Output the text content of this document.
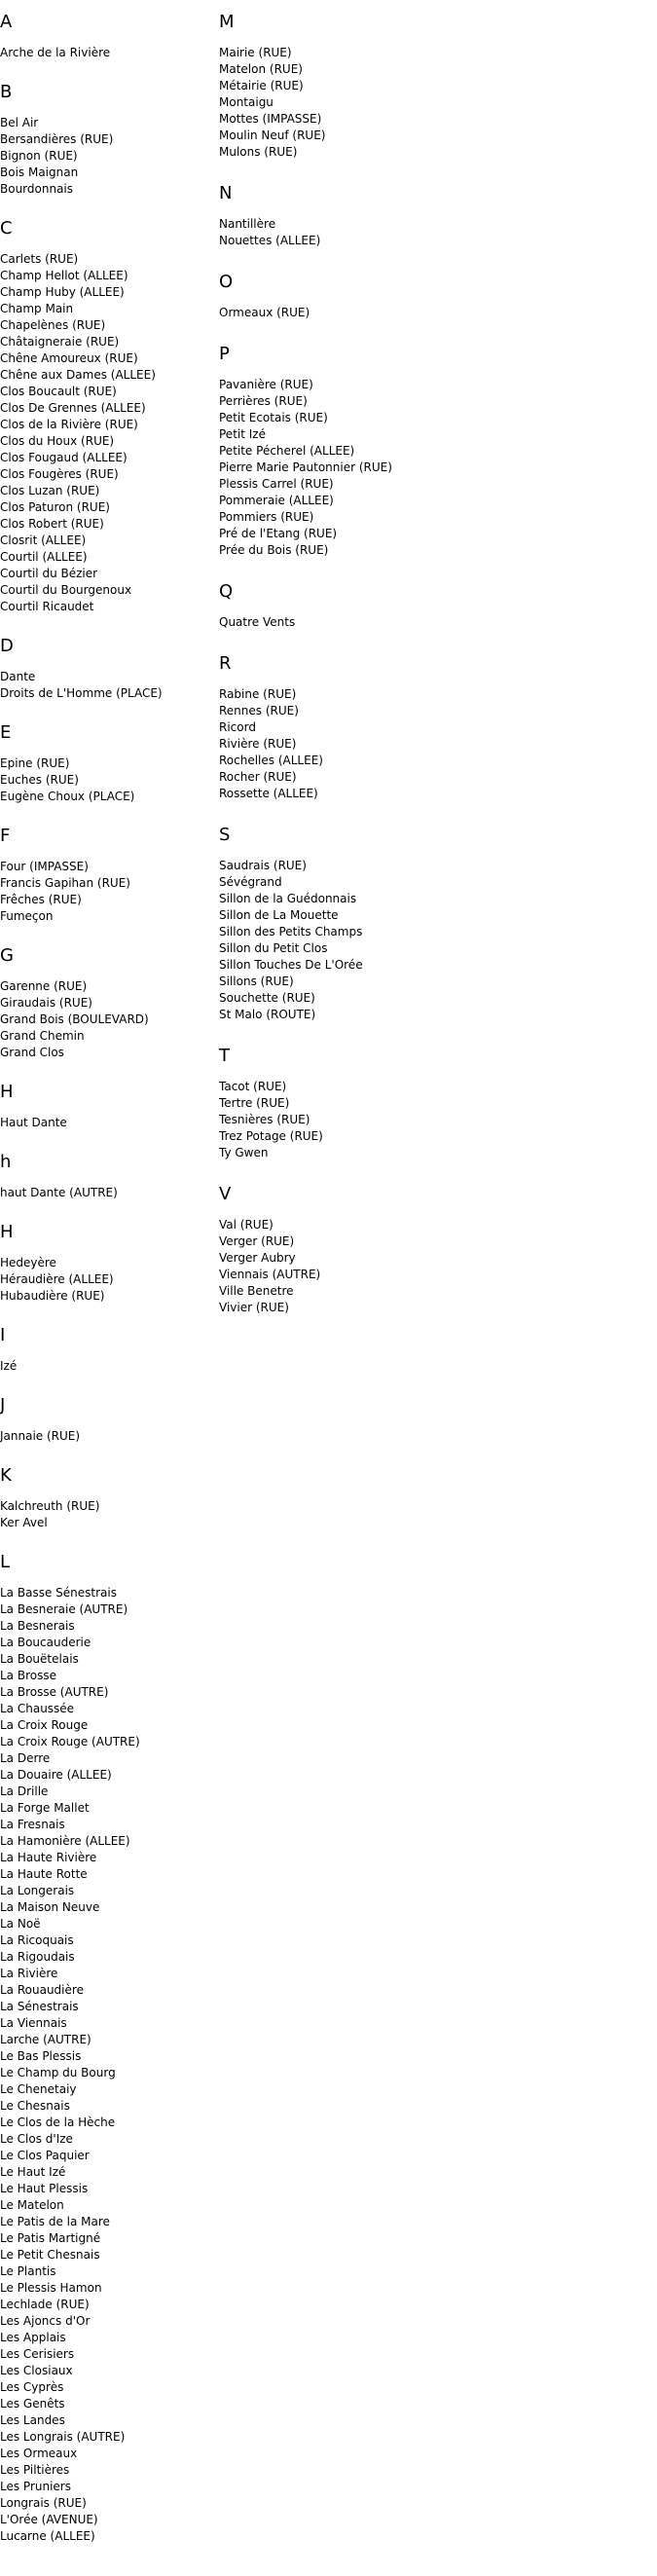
A
Arche de la Rivière
B
Bel Air
Bersandières (RUE)
Bignon (RUE)
Bois Maignan
Bourdonnais
C
Carlets (RUE)
Champ Hellot (ALLEE)
Champ Huby (ALLEE)
Champ Main
Chapelènes (RUE)
Châtaigneraie (RUE)
Chêne Amoureux (RUE)
Chêne aux Dames (ALLEE)
Clos Boucault (RUE)
Clos De Grennes (ALLEE)
Clos de la Rivière (RUE)
Clos du Houx (RUE)
Clos Fougaud (ALLEE)
Clos Fougères (RUE)
Clos Luzan (RUE)
Clos Paturon (RUE)
Clos Robert (RUE)
Closrit (ALLEE)
Courtil (ALLEE)
Courtil du Bézier
Courtil du Bourgenoux
Courtil Ricaudet
D
Dante
Droits de L'Homme (PLACE)
E
Epine (RUE)
Euches (RUE)
Eugène Choux (PLACE)
F
Four (IMPASSE)
Francis Gapihan (RUE)
Frêches (RUE)
Fumeçon
G
Garenne (RUE)
Giraudais (RUE)
Grand Bois (BOULEVARD)
Grand Chemin
Grand Clos
H
Haut Dante
h
haut Dante (AUTRE)
H
Hedeyère
Héraudière (ALLEE)
Hubaudière (RUE)
I
Izé
J
Jannaie (RUE)
K
Kalchreuth (RUE)
Ker Avel
L
La Basse Sénestrais
La Besneraie (AUTRE)
La Besnerais
La Boucauderie
La Bouëtelais
La Brosse
La Brosse (AUTRE)
La Chaussée
La Croix Rouge
La Croix Rouge (AUTRE)
La Derre
La Douaire (ALLEE)
La Drille
La Forge Mallet
La Fresnais
La Hamonière (ALLEE)
La Haute Rivière
La Haute Rotte
La Longerais
La Maison Neuve
La Noë
La Ricoquais
La Rigoudais
La Rivière
La Rouaudière
La Sénestrais
La Viennais
Larche (AUTRE)
Le Bas Plessis
Le Champ du Bourg
Le Chenetaiy
Le Chesnais
Le Clos de la Hèche
Le Clos d'Ize
Le Clos Paquier
Le Haut Izé
Le Haut Plessis
Le Matelon
Le Patis de la Mare
Le Patis Martigné
Le Petit Chesnais
Le Plantis
Le Plessis Hamon
Lechlade (RUE)
Les Ajoncs d'Or
Les Applais
Les Cerisiers
Les Closiaux
Les Cyprès
Les Genêts
Les Landes
Les Longrais (AUTRE)
Les Ormeaux
Les Piltières
Les Pruniers
Longrais (RUE)
L'Orée (AVENUE)
Lucarne (ALLEE)
M
Mairie (RUE)
Matelon (RUE)
Métairie (RUE)
Montaigu
Mottes (IMPASSE)
Moulin Neuf (RUE)
Mulons (RUE)
N
Nantillère
Nouettes (ALLEE)
O
Ormeaux (RUE)
P
Pavanière (RUE)
Perrières (RUE)
Petit Ecotais (RUE)
Petit Izé
Petite Pécherel (ALLEE)
Pierre Marie Pautonnier (RUE)
Plessis Carrel (RUE)
Pommeraie (ALLEE)
Pommiers (RUE)
Pré de l'Etang (RUE)
Prée du Bois (RUE)
Q
Quatre Vents
R
Rabine (RUE)
Rennes (RUE)
Ricord
Rivière (RUE)
Rochelles (ALLEE)
Rocher (RUE)
Rossette (ALLEE)
S
Saudrais (RUE)
Sévégrand
Sillon de la Guédonnais
Sillon de La Mouette
Sillon des Petits Champs
Sillon du Petit Clos
Sillon Touches De L'Orée
Sillons (RUE)
Souchette (RUE)
St Malo (ROUTE)
T
Tacot (RUE)
Tertre (RUE)
Tesnières (RUE)
Trez Potage (RUE)
Ty Gwen
V
Val (RUE)
Verger (RUE)
Verger Aubry
Viennais (AUTRE)
Ville Benetre
Vivier (RUE)
